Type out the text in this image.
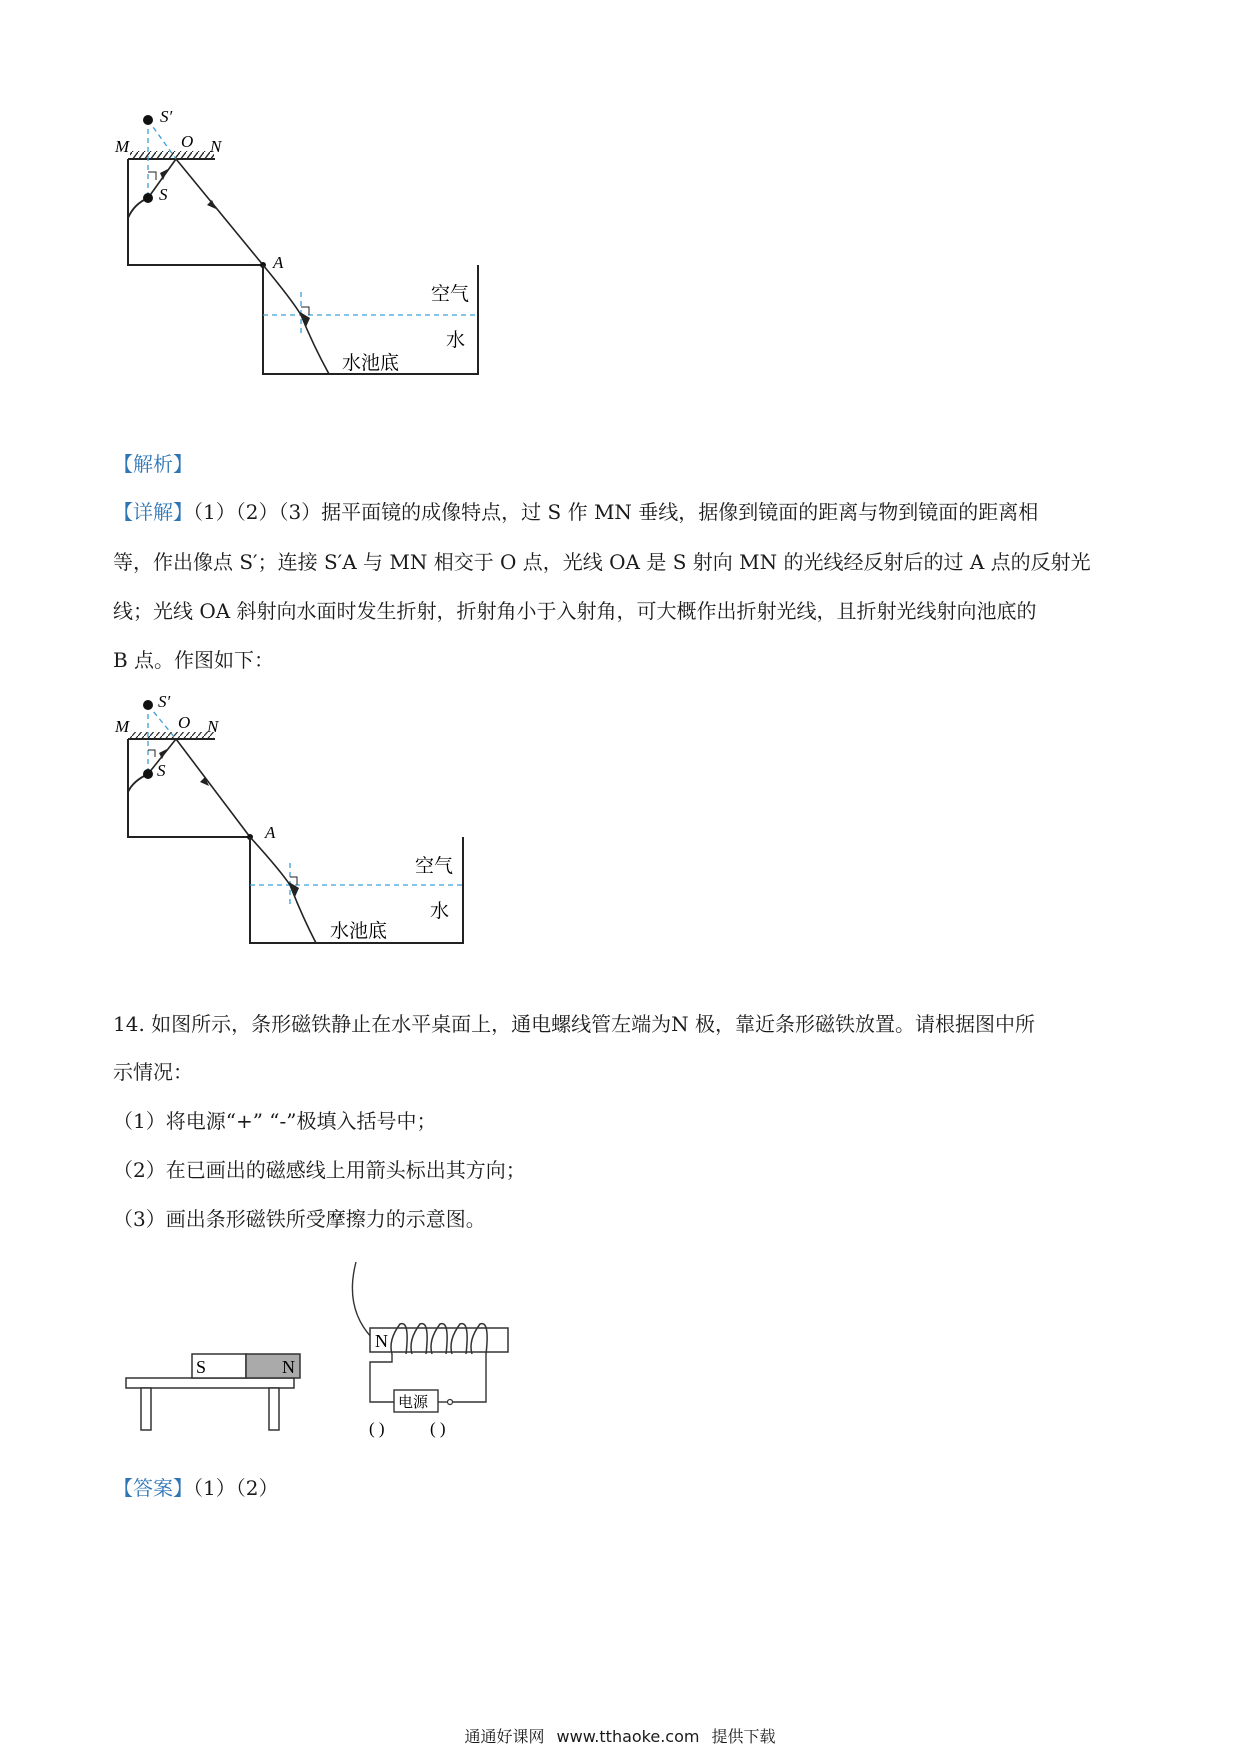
S′
M	O N
S
A
空气
水
水池底
【解析】
【详解】（1）（2）（3）据平面镜的成像特点，过 S 作 MN 垂线，据像到镜面的距离与物到镜面的距离相
等，作出像点 S′；连接 S′A 与 MN 相交于 O 点，光线 OA 是 S 射向 MN 的光线经反射后的过 A 点的反射光
线；光线 OA 斜射向水面时发生折射，折射角小于入射角，可大概作出折射光线，且折射光线射向池底的
B 点。作图如下：
S′
M	O N
S
A
空气
水
水池底
14. 如图所示，条形磁铁静止在水平桌面上，通电螺线管左端为N 极，靠近条形磁铁放置。请根据图中所
示情况：
（1）将电源“+” “-”极填入括号中；
（2）在已画出的磁感线上用箭头标出其方向；
（3）画出条形磁铁所受摩擦力的示意图。
S	N
N
电源
( )	( )
【答案】（1）（2）
通通好课网 www.tthaoke.com 提供下载
